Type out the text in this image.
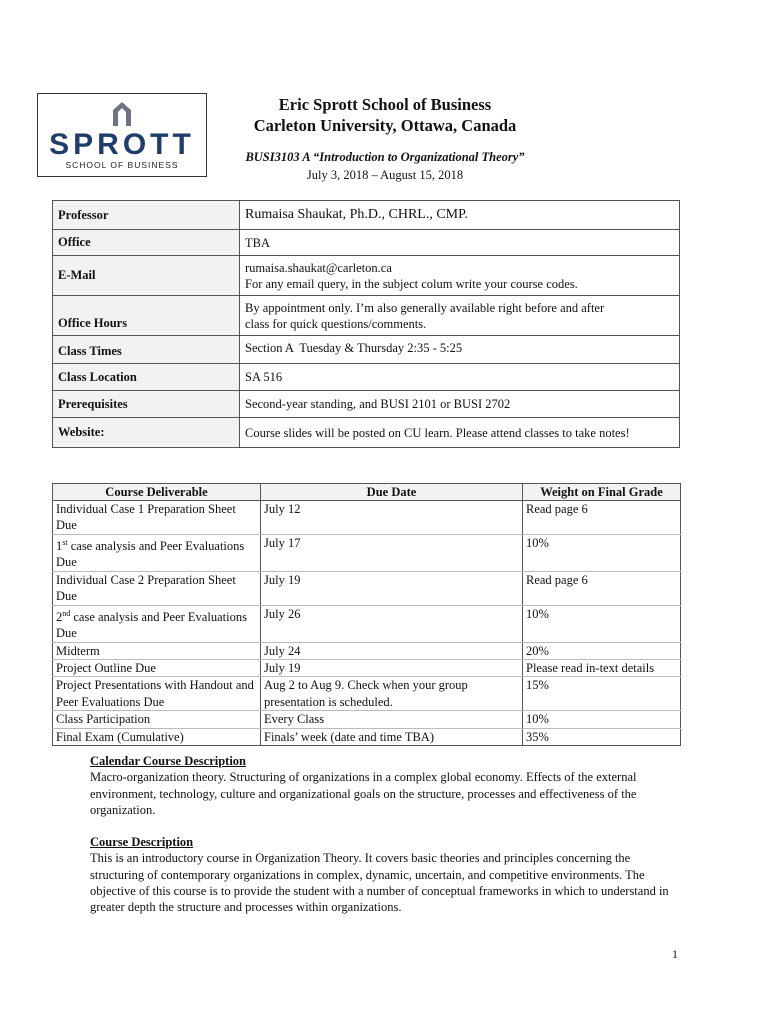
SPROTT
SCHOOL OF BUSINESS
Eric Sprott School of Business
Carleton University, Ottawa, Canada
BUSI3103 A “Introduction to Organizational Theory”
July 3, 2018 – August 15, 2018
Professor	Rumaisa Shaukat, Ph.D., CHRL., CMP.
Office	TBA
E-Mail	rumaisa.shaukat@carleton.ca
For any email query, in the subject colum write your course codes.

Office Hours	By appointment only. I’m also generally available right before and after
class for quick questions/comments.

Class Times	Section A  Tuesday & Thursday 2:35 - 5:25
Class Location	SA 516
Prerequisites	Second-year standing, and BUSI 2101 or BUSI 2702
Website:	Course slides will be posted on CU learn. Please attend classes to take notes!
Course Deliverable	Due Date	Weight on Final Grade
Individual Case 1 Preparation Sheet Due	July 12	Read page 6
1st case analysis and Peer Evaluations Due	July 17	10%
Individual Case 2 Preparation Sheet Due	July 19	Read page 6
2nd case analysis and Peer Evaluations Due	July 26	10%
Midterm	July 24	20%
Project Outline Due	July 19	Please read in-text details
Project Presentations with Handout and Peer Evaluations Due	Aug 2 to Aug 9. Check when your group presentation is scheduled.	15%
Class Participation	Every Class	10%
Final Exam (Cumulative)	Finals’ week (date and time TBA)	35%
Calendar Course Description
Macro-organization theory. Structuring of organizations in a complex global economy. Effects of the external environment, technology, culture and organizational goals on the structure, processes and effectiveness of the organization.
Course Description
This is an introductory course in Organization Theory. It covers basic theories and principles concerning the structuring of contemporary organizations in complex, dynamic, uncertain, and competitive environments. The objective of this course is to provide the student with a number of conceptual frameworks in which to understand in greater depth the structure and processes within organizations.
1
